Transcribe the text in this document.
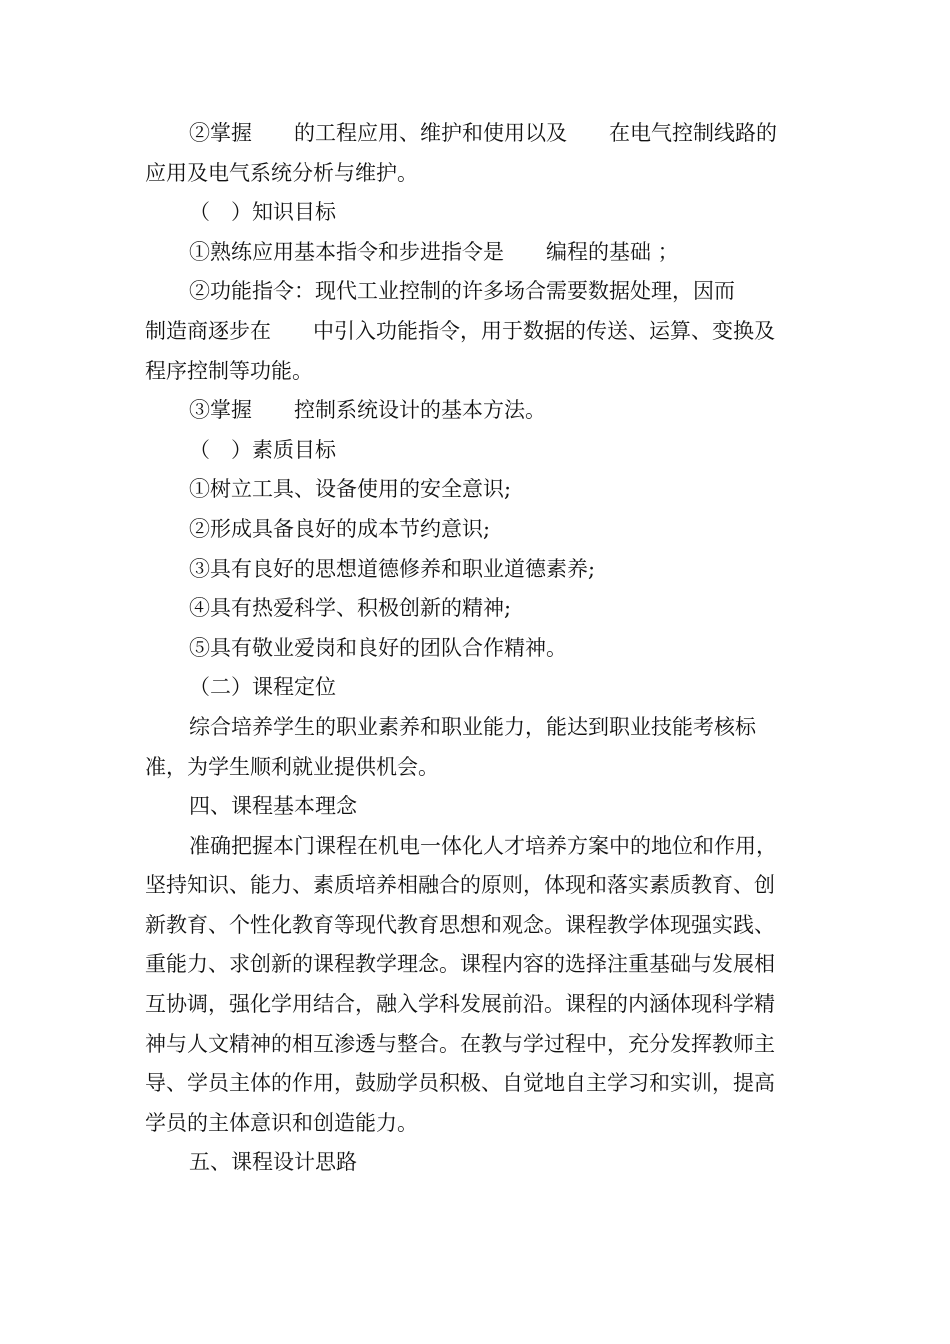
②掌握　　的工程应用、维护和使用以及　　在电气控制线路的
应用及电气系统分析与维护。
（　）知识目标
①熟练应用基本指令和步进指令是　　编程的基础 ；
②功能指令：现代工业控制的许多场合需要数据处理，因而
制造商逐步在　　中引入功能指令，用于数据的传送、运算、变换及
程序控制等功能。
③掌握　　控制系统设计的基本方法。
（　）素质目标
①树立工具、设备使用的安全意识;
②形成具备良好的成本节约意识;
③具有良好的思想道德修养和职业道德素养;
④具有热爱科学、积极创新的精神;
⑤具有敬业爱岗和良好的团队合作精神。
（二）课程定位
综合培养学生的职业素养和职业能力，能达到职业技能考核标
准，为学生顺利就业提供机会。
四、课程基本理念
准确把握本门课程在机电一体化人才培养方案中的地位和作用，
坚持知识、能力、素质培养相融合的原则，体现和落实素质教育、创
新教育、个性化教育等现代教育思想和观念。课程教学体现强实践、
重能力、求创新的课程教学理念。课程内容的选择注重基础与发展相
互协调，强化学用结合，融入学科发展前沿。课程的内涵体现科学精
神与人文精神的相互渗透与整合。在教与学过程中，充分发挥教师主
导、学员主体的作用，鼓励学员积极、自觉地自主学习和实训，提高
学员的主体意识和创造能力。
五、课程设计思路
